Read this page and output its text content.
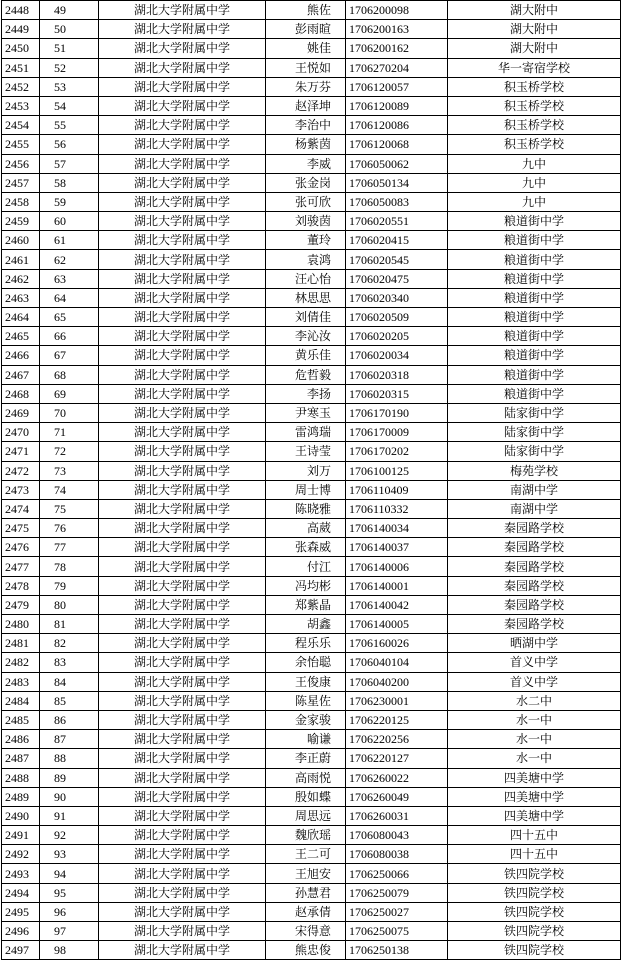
2448	49	湖北大学附属中学	熊佐	1706200098	湖大附中
2449	50	湖北大学附属中学	彭雨暄	1706200163	湖大附中
2450	51	湖北大学附属中学	姚佳	1706200162	湖大附中
2451	52	湖北大学附属中学	王悦如	1706270204	华一寄宿学校
2452	53	湖北大学附属中学	朱万芬	1706120057	积玉桥学校
2453	54	湖北大学附属中学	赵泽坤	1706120089	积玉桥学校
2454	55	湖北大学附属中学	李治中	1706120086	积玉桥学校
2455	56	湖北大学附属中学	杨紫茵	1706120068	积玉桥学校
2456	57	湖北大学附属中学	李威	1706050062	九中
2457	58	湖北大学附属中学	张金岗	1706050134	九中
2458	59	湖北大学附属中学	张可欣	1706050083	九中
2459	60	湖北大学附属中学	刘骏茵	1706020551	粮道街中学
2460	61	湖北大学附属中学	董玲	1706020415	粮道街中学
2461	62	湖北大学附属中学	袁鸿	1706020545	粮道街中学
2462	63	湖北大学附属中学	汪心怡	1706020475	粮道街中学
2463	64	湖北大学附属中学	林思思	1706020340	粮道街中学
2464	65	湖北大学附属中学	刘倩佳	1706020509	粮道街中学
2465	66	湖北大学附属中学	李沁汝	1706020205	粮道街中学
2466	67	湖北大学附属中学	黄乐佳	1706020034	粮道街中学
2467	68	湖北大学附属中学	危哲毅	1706020318	粮道街中学
2468	69	湖北大学附属中学	李扬	1706020315	粮道街中学
2469	70	湖北大学附属中学	尹寒玉	1706170190	陆家街中学
2470	71	湖北大学附属中学	雷鸿瑞	1706170009	陆家街中学
2471	72	湖北大学附属中学	王诗莹	1706170202	陆家街中学
2472	73	湖北大学附属中学	刘万	1706100125	梅苑学校
2473	74	湖北大学附属中学	周士博	1706110409	南湖中学
2474	75	湖北大学附属中学	陈晓雅	1706110332	南湖中学
2475	76	湖北大学附属中学	高葳	1706140034	秦园路学校
2476	77	湖北大学附属中学	张森威	1706140037	秦园路学校
2477	78	湖北大学附属中学	付江	1706140006	秦园路学校
2478	79	湖北大学附属中学	冯均彬	1706140001	秦园路学校
2479	80	湖北大学附属中学	郑紫晶	1706140042	秦园路学校
2480	81	湖北大学附属中学	胡鑫	1706140005	秦园路学校
2481	82	湖北大学附属中学	程乐乐	1706160026	晒湖中学
2482	83	湖北大学附属中学	余怡聪	1706040104	首义中学
2483	84	湖北大学附属中学	王俊康	1706040200	首义中学
2484	85	湖北大学附属中学	陈星佐	1706230001	水二中
2485	86	湖北大学附属中学	金家骏	1706220125	水一中
2486	87	湖北大学附属中学	喻谦	1706220256	水一中
2487	88	湖北大学附属中学	李正蔚	1706220127	水一中
2488	89	湖北大学附属中学	高雨悦	1706260022	四美塘中学
2489	90	湖北大学附属中学	殷如蝶	1706260049	四美塘中学
2490	91	湖北大学附属中学	周思远	1706260031	四美塘中学
2491	92	湖北大学附属中学	魏欣瑶	1706080043	四十五中
2492	93	湖北大学附属中学	王二可	1706080038	四十五中
2493	94	湖北大学附属中学	王旭安	1706250066	铁四院学校
2494	95	湖北大学附属中学	孙慧君	1706250079	铁四院学校
2495	96	湖北大学附属中学	赵承倩	1706250027	铁四院学校
2496	97	湖北大学附属中学	宋得意	1706250075	铁四院学校
2497	98	湖北大学附属中学	熊忠俊	1706250138	铁四院学校
